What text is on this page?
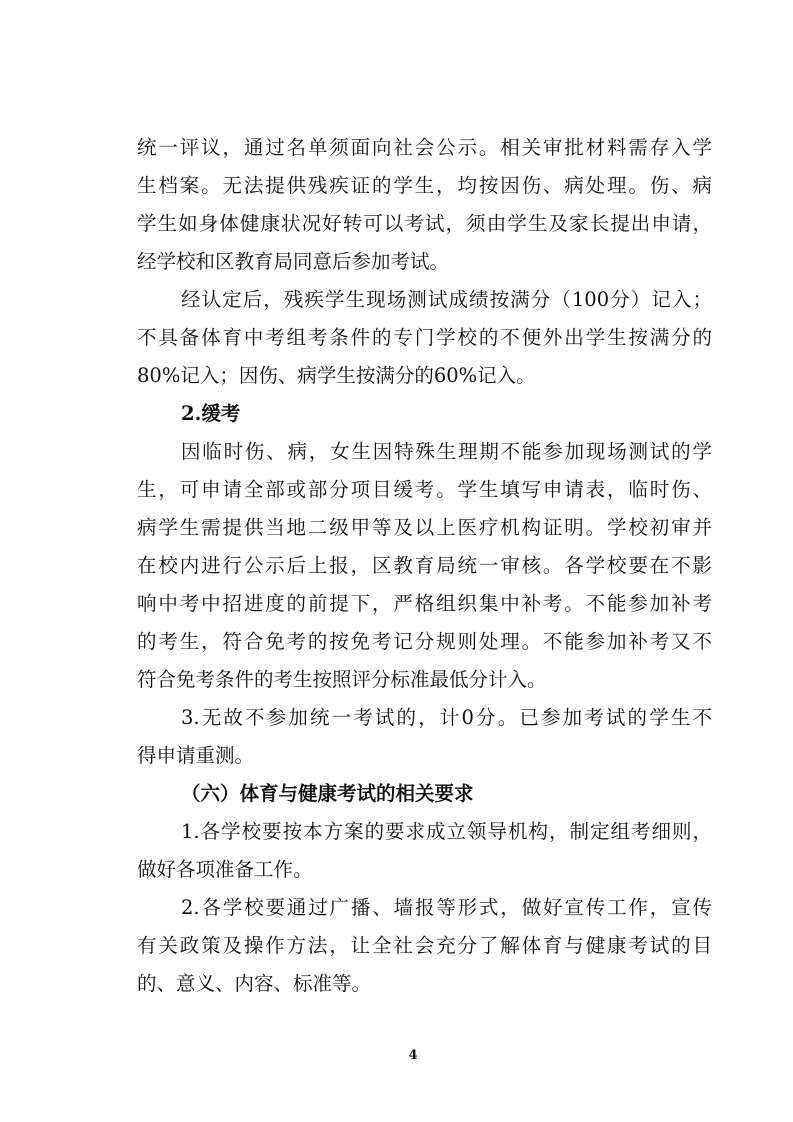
统一评议，通过名单须面向社会公示。相关审批材料需存入学
生档案。无法提供残疾证的学生，均按因伤、病处理。伤、病
学生如身体健康状况好转可以考试，须由学生及家长提出申请，
经学校和区教育局同意后参加考试。
经认定后，残疾学生现场测试成绩按满分（100分）记入；
不具备体育中考组考条件的专门学校的不便外出学生按满分的
80%记入；因伤、病学生按满分的60%记入。
2.缓考
因临时伤、病，女生因特殊生理期不能参加现场测试的学
生，可申请全部或部分项目缓考。学生填写申请表，临时伤、
病学生需提供当地二级甲等及以上医疗机构证明。学校初审并
在校内进行公示后上报，区教育局统一审核。各学校要在不影
响中考中招进度的前提下，严格组织集中补考。不能参加补考
的考生，符合免考的按免考记分规则处理。不能参加补考又不
符合免考条件的考生按照评分标准最低分计入。
3.无故不参加统一考试的，计0分。已参加考试的学生不
得申请重测。
（六）体育与健康考试的相关要求
1.各学校要按本方案的要求成立领导机构，制定组考细则，
做好各项准备工作。
2.各学校要通过广播、墙报等形式，做好宣传工作，宣传
有关政策及操作方法，让全社会充分了解体育与健康考试的目
的、意义、内容、标准等。
4
